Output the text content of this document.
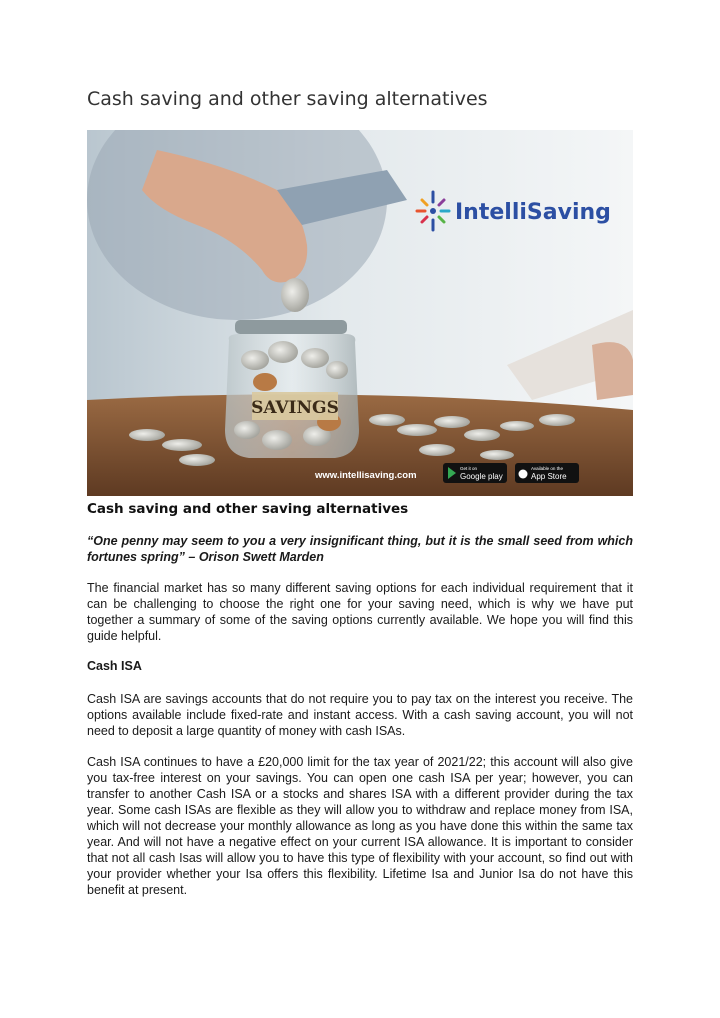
Cash saving and other saving alternatives
SAVINGS
IntelliSaving
www.intellisaving.com
Get it on
Google play
Available on the
App Store
Cash saving and other saving alternatives

“One penny may seem to you a very insignificant thing, but it is the small seed from which fortunes spring” – Orison Swett Marden

The financial market has so many different saving options for each individual requirement that it can be challenging to choose the right one for your saving need, which is why we have put together a summary of some of the saving options currently available. We hope you will find this guide helpful.

Cash ISA

Cash ISA are savings accounts that do not require you to pay tax on the interest you receive. The options available include fixed-rate and instant access. With a cash saving account, you will not need to deposit a large quantity of money with cash ISAs.

Cash ISA continues to have a £20,000 limit for the tax year of 2021/22; this account will also give you tax-free interest on your savings. You can open one cash ISA per year; however, you can transfer to another Cash ISA or a stocks and shares ISA with a different provider during the tax year. Some cash ISAs are flexible as they will allow you to withdraw and replace money from ISA, which will not decrease your monthly allowance as long as you have done this within the same tax year. And will not have a negative effect on your current ISA allowance. It is important to consider that not all cash Isas will allow you to have this type of flexibility with your account, so find out with your provider whether your Isa offers this flexibility. Lifetime Isa and Junior Isa do not have this benefit at present.
